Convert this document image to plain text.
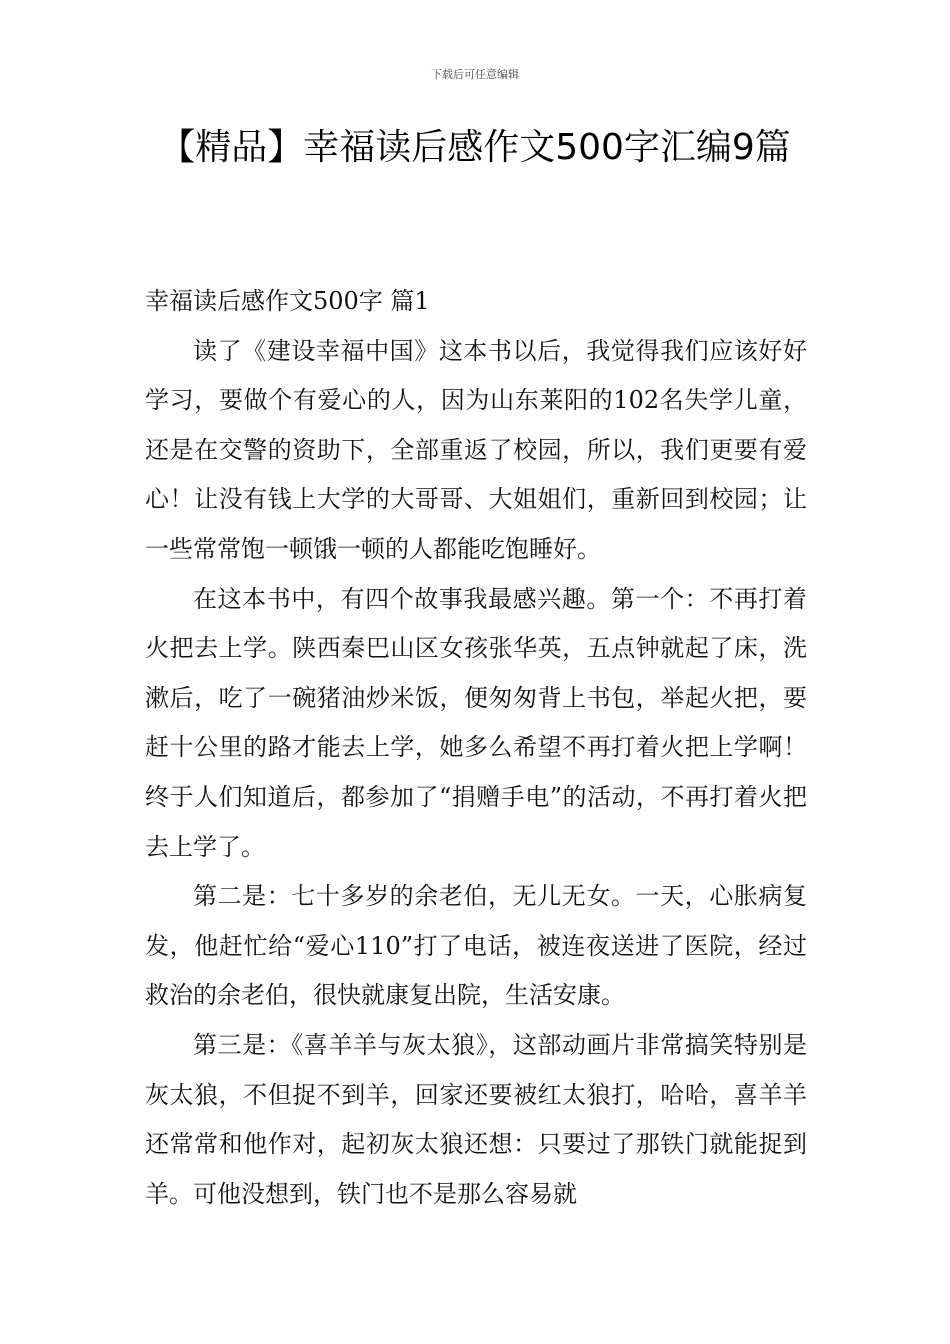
下载后可任意编辑
【精品】幸福读后感作文500字汇编9篇

幸福读后感作文500字 篇1

读了《建设幸福中国》这本书以后，我觉得我们应该好好学习，要做个有爱心的人，因为山东莱阳的102名失学儿童，还是在交警的资助下，全部重返了校园，所以，我们更要有爱心！让没有钱上大学的大哥哥、大姐姐们，重新回到校园；让一些常常饱一顿饿一顿的人都能吃饱睡好。

在这本书中，有四个故事我最感兴趣。第一个：不再打着火把去上学。陕西秦巴山区女孩张华英，五点钟就起了床，洗漱后，吃了一碗猪油炒米饭，便匆匆背上书包，举起火把，要赶十公里的路才能去上学，她多么希望不再打着火把上学啊！终于人们知道后，都参加了“捐赠手电”的活动，不再打着火把去上学了。

第二是：七十多岁的余老伯，无儿无女。一天，心胀病复发，他赶忙给“爱心110”打了电话，被连夜送进了医院，经过救治的余老伯，很快就康复出院，生活安康。

第三是：《喜羊羊与灰太狼》，这部动画片非常搞笑特别是灰太狼，不但捉不到羊，回家还要被红太狼打，哈哈，喜羊羊还常常和他作对，起初灰太狼还想：只要过了那铁门就能捉到羊。可他没想到，铁门也不是那么容易就
